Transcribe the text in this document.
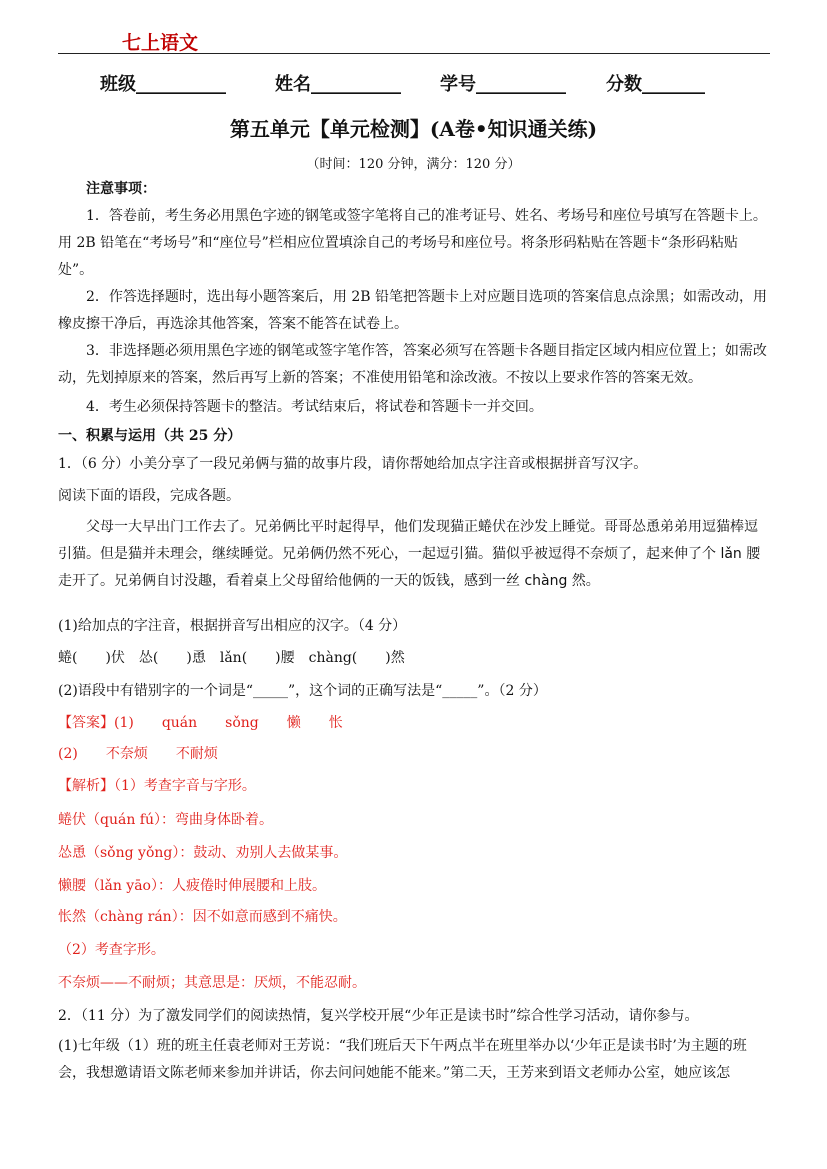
七上语文
班级__________	姓名__________ 学号__________ 分数_______
第五单元【单元检测】(A卷•知识通关练)
（时间：120 分钟，满分：120 分）
注意事项：
1．答卷前，考生务必用黑色字迹的钢笔或签字笔将自己的准考证号、姓名、考场号和座位号填写在答题卡上。用 2B 铅笔在“考场号”和“座位号”栏相应位置填涂自己的考场号和座位号。将条形码粘贴在答题卡“条形码粘贴处”。
2．作答选择题时，选出每小题答案后，用 2B 铅笔把答题卡上对应题目选项的答案信息点涂黑；如需改动，用橡皮擦干净后，再选涂其他答案，答案不能答在试卷上。
3．非选择题必须用黑色字迹的钢笔或签字笔作答，答案必须写在答题卡各题目指定区域内相应位置上；如需改动，先划掉原来的答案，然后再写上新的答案；不准使用铅笔和涂改液。不按以上要求作答的答案无效。
4．考生必须保持答题卡的整洁。考试结束后，将试卷和答题卡一并交回。
一、积累与运用（共 25 分）
1．（6 分）小美分享了一段兄弟俩与猫的故事片段，请你帮她给加点字注音或根据拼音写汉字。
阅读下面的语段，完成各题。
父母一大早出门工作去了。兄弟俩比平时起得早，他们发现猫正蜷伏在沙发上睡觉。哥哥怂恿弟弟用逗猫棒逗引猫。但是猫并未理会，继续睡觉。兄弟俩仍然不死心，一起逗引猫。猫似乎被逗得不奈烦了，起来伸了个 lǎn 腰走开了。兄弟俩自讨没趣，看着桌上父母留给他俩的一天的饭钱，感到一丝 chàng 然。
(1)给加点的字注音，根据拼音写出相应的汉字。（4 分）
蜷(　　)伏　怂(　　)恿　lǎn(　　)腰　chàng(　　)然
(2)语段中有错别字的一个词是“_____”，这个词的正确写法是“_____”。（2 分）
【答案】(1)　　quán　　sǒng　　懒　　怅
(2)　　不奈烦　　不耐烦
【解析】（1）考查字音与字形。
蜷伏（quán fú）：弯曲身体卧着。
怂恿（sǒng yǒng）：鼓动、劝别人去做某事。
懒腰（lǎn yāo）：人疲倦时伸展腰和上肢。
怅然（chàng rán）：因不如意而感到不痛快。
（2）考查字形。
不奈烦——不耐烦；其意思是：厌烦，不能忍耐。
2．（11 分）为了激发同学们的阅读热情，复兴学校开展“少年正是读书时”综合性学习活动，请你参与。
(1)七年级（1）班的班主任袁老师对王芳说：“我们班后天下午两点半在班里举办以‘少年正是读书时’为主题的班会，我想邀请语文陈老师来参加并讲话，你去问问她能不能来。”第二天，王芳来到语文老师办公室，她应该怎
